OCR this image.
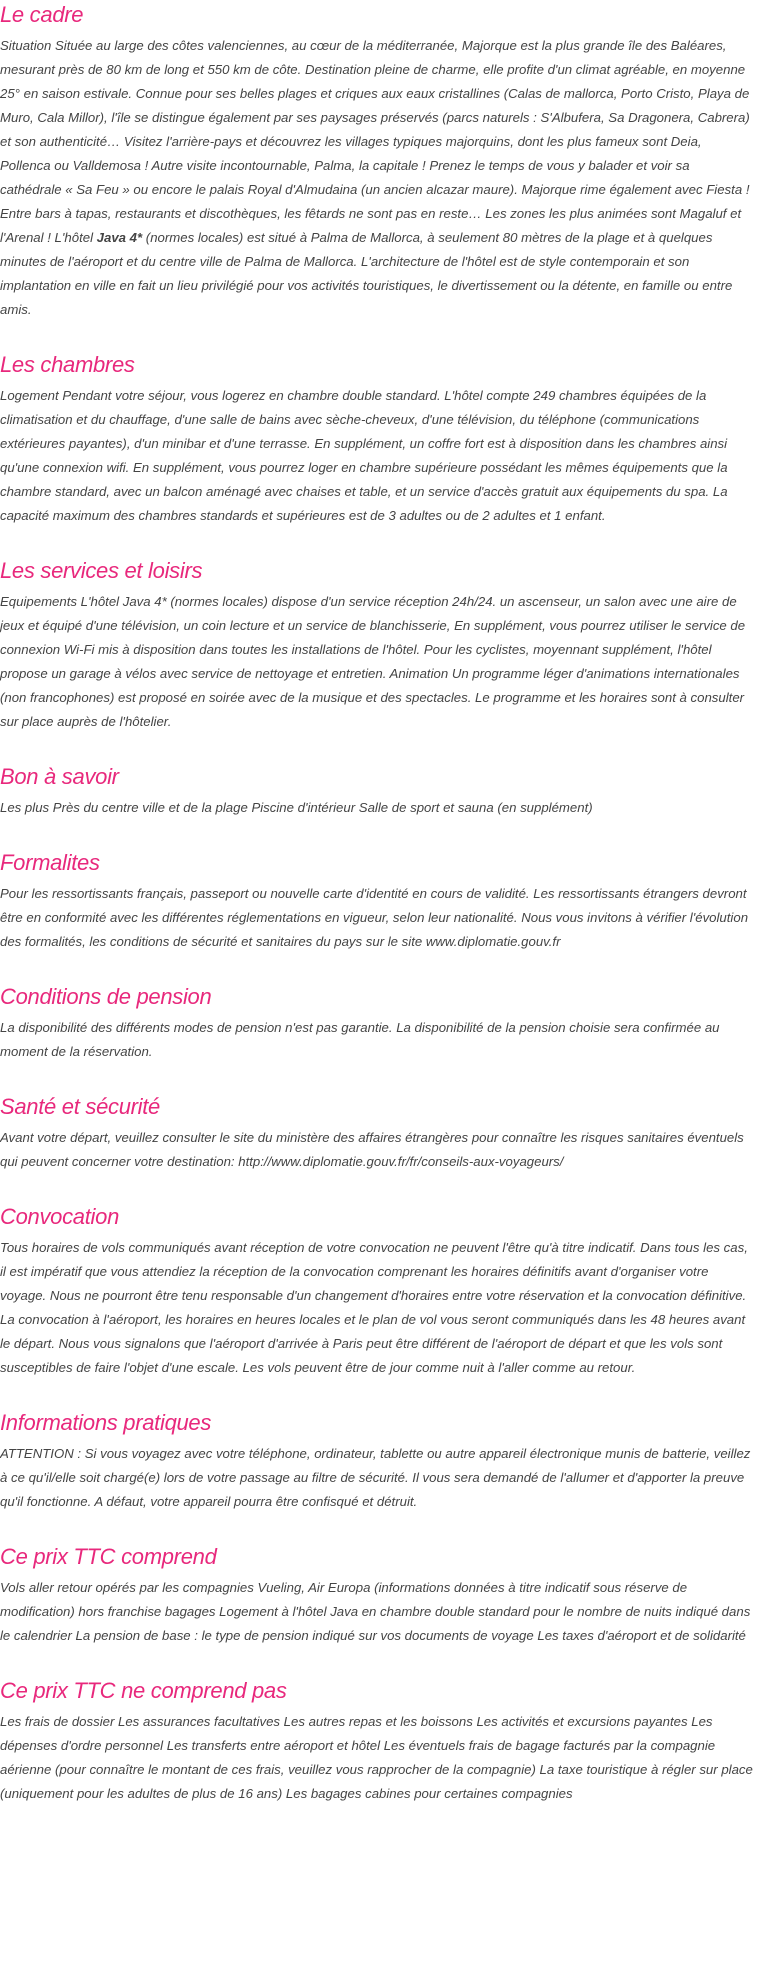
Le cadre

Situation Située au large des côtes valenciennes, au cœur de la méditerranée, Majorque est la plus grande île des Baléares, mesurant près de 80 km de long et 550 km de côte. Destination pleine de charme, elle profite d'un climat agréable, en moyenne 25° en saison estivale. Connue pour ses belles plages et criques aux eaux cristallines (Calas de mallorca, Porto Cristo, Playa de Muro, Cala Millor), l'île se distingue également par ses paysages préservés (parcs naturels : S'Albufera, Sa Dragonera, Cabrera) et son authenticité… Visitez l'arrière-pays et découvrez les villages typiques majorquins, dont les plus fameux sont Deia, Pollenca ou Valldemosa ! Autre visite incontournable, Palma, la capitale ! Prenez le temps de vous y balader et voir sa cathédrale « Sa Feu » ou encore le palais Royal d'Almudaina (un ancien alcazar maure). Majorque rime également avec Fiesta ! Entre bars à tapas, restaurants et discothèques, les fêtards ne sont pas en reste… Les zones les plus animées sont Magaluf et l'Arenal ! L'hôtel Java 4* (normes locales) est situé à Palma de Mallorca, à seulement 80 mètres de la plage et à quelques minutes de l'aéroport et du centre ville de Palma de Mallorca. L'architecture de l'hôtel est de style contemporain et son implantation en ville en fait un lieu privilégié pour vos activités touristiques, le divertissement ou la détente, en famille ou entre amis.

Les chambres

Logement Pendant votre séjour, vous logerez en chambre double standard. L'hôtel compte 249 chambres équipées de la climatisation et du chauffage, d'une salle de bains avec sèche-cheveux, d'une télévision, du téléphone (communications extérieures payantes), d'un minibar et d'une terrasse. En supplément, un coffre fort est à disposition dans les chambres ainsi qu'une connexion wifi. En supplément, vous pourrez loger en chambre supérieure possédant les mêmes équipements que la chambre standard, avec un balcon aménagé avec chaises et table, et un service d'accès gratuit aux équipements du spa. La capacité maximum des chambres standards et supérieures est de 3 adultes ou de 2 adultes et 1 enfant.

Les services et loisirs

Equipements L'hôtel Java 4* (normes locales) dispose d'un service réception 24h/24. un ascenseur, un salon avec une aire de jeux et équipé d'une télévision, un coin lecture et un service de blanchisserie, En supplément, vous pourrez utiliser le service de connexion Wi-Fi mis à disposition dans toutes les installations de l'hôtel. Pour les cyclistes, moyennant supplément, l'hôtel propose un garage à vélos avec service de nettoyage et entretien. Animation Un programme léger d'animations internationales (non francophones) est proposé en soirée avec de la musique et des spectacles. Le programme et les horaires sont à consulter sur place auprès de l'hôtelier.

Bon à savoir

Les plus Près du centre ville et de la plage Piscine d'intérieur Salle de sport et sauna (en supplément)

Formalites

Pour les ressortissants français, passeport ou nouvelle carte d'identité en cours de validité. Les ressortissants étrangers devront être en conformité avec les différentes réglementations en vigueur, selon leur nationalité. Nous vous invitons à vérifier l'évolution des formalités, les conditions de sécurité et sanitaires du pays sur le site www.diplomatie.gouv.fr

Conditions de pension

La disponibilité des différents modes de pension n'est pas garantie. La disponibilité de la pension choisie sera confirmée au moment de la réservation.

Santé et sécurité

Avant votre départ, veuillez consulter le site du ministère des affaires étrangères pour connaître les risques sanitaires éventuels qui peuvent concerner votre destination: http://www.diplomatie.gouv.fr/fr/conseils-aux-voyageurs/

Convocation

Tous horaires de vols communiqués avant réception de votre convocation ne peuvent l'être qu'à titre indicatif. Dans tous les cas, il est impératif que vous attendiez la réception de la convocation comprenant les horaires définitifs avant d'organiser votre voyage. Nous ne pourront être tenu responsable d'un changement d'horaires entre votre réservation et la convocation définitive. La convocation à l'aéroport, les horaires en heures locales et le plan de vol vous seront communiqués dans les 48 heures avant le départ. Nous vous signalons que l'aéroport d'arrivée à Paris peut être différent de l'aéroport de départ et que les vols sont susceptibles de faire l'objet d'une escale. Les vols peuvent être de jour comme nuit à l'aller comme au retour.

Informations pratiques

ATTENTION : Si vous voyagez avec votre téléphone, ordinateur, tablette ou autre appareil électronique munis de batterie, veillez à ce qu'il/elle soit chargé(e) lors de votre passage au filtre de sécurité. Il vous sera demandé de l'allumer et d'apporter la preuve qu'il fonctionne. A défaut, votre appareil pourra être confisqué et détruit.

Ce prix TTC comprend

Vols aller retour opérés par les compagnies Vueling, Air Europa (informations données à titre indicatif sous réserve de modification) hors franchise bagages Logement à l'hôtel Java en chambre double standard pour le nombre de nuits indiqué dans le calendrier La pension de base : le type de pension indiqué sur vos documents de voyage Les taxes d'aéroport et de solidarité

Ce prix TTC ne comprend pas

Les frais de dossier Les assurances facultatives Les autres repas et les boissons Les activités et excursions payantes Les dépenses d'ordre personnel Les transferts entre aéroport et hôtel Les éventuels frais de bagage facturés par la compagnie aérienne (pour connaître le montant de ces frais, veuillez vous rapprocher de la compagnie) La taxe touristique à régler sur place (uniquement pour les adultes de plus de 16 ans) Les bagages cabines pour certaines compagnies
